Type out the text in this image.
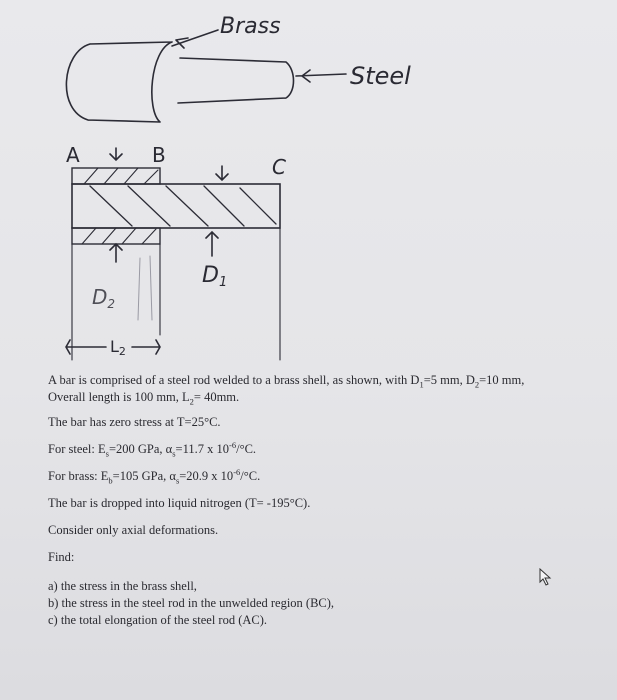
Brass
Steel
A	B	C
D1
$D_2$
L2

A bar is comprised of a steel rod welded to a brass shell, as shown, with $D_1=5$ mm, $D_2=10$ mm,

Overall length is 100 mm, $L_2= 40mm$.

The bar has zero stress at T=25°C.

For steel: $E_s=200$ GPa, $\alpha_s=11.7$ x $10^{-6}/^\circ C$.

For brass: $E_b=105$ GPa, $\alpha_s=20.9$ x $10^{-6}/^\circ C$.

The bar is dropped into liquid nitrogen (T= -195°C).

Consider only axial deformations.

Find:

a) the stress in the brass shell,

b) the stress in the steel rod in the unwelded region (BC),

c) the total elongation of the steel rod (AC).
